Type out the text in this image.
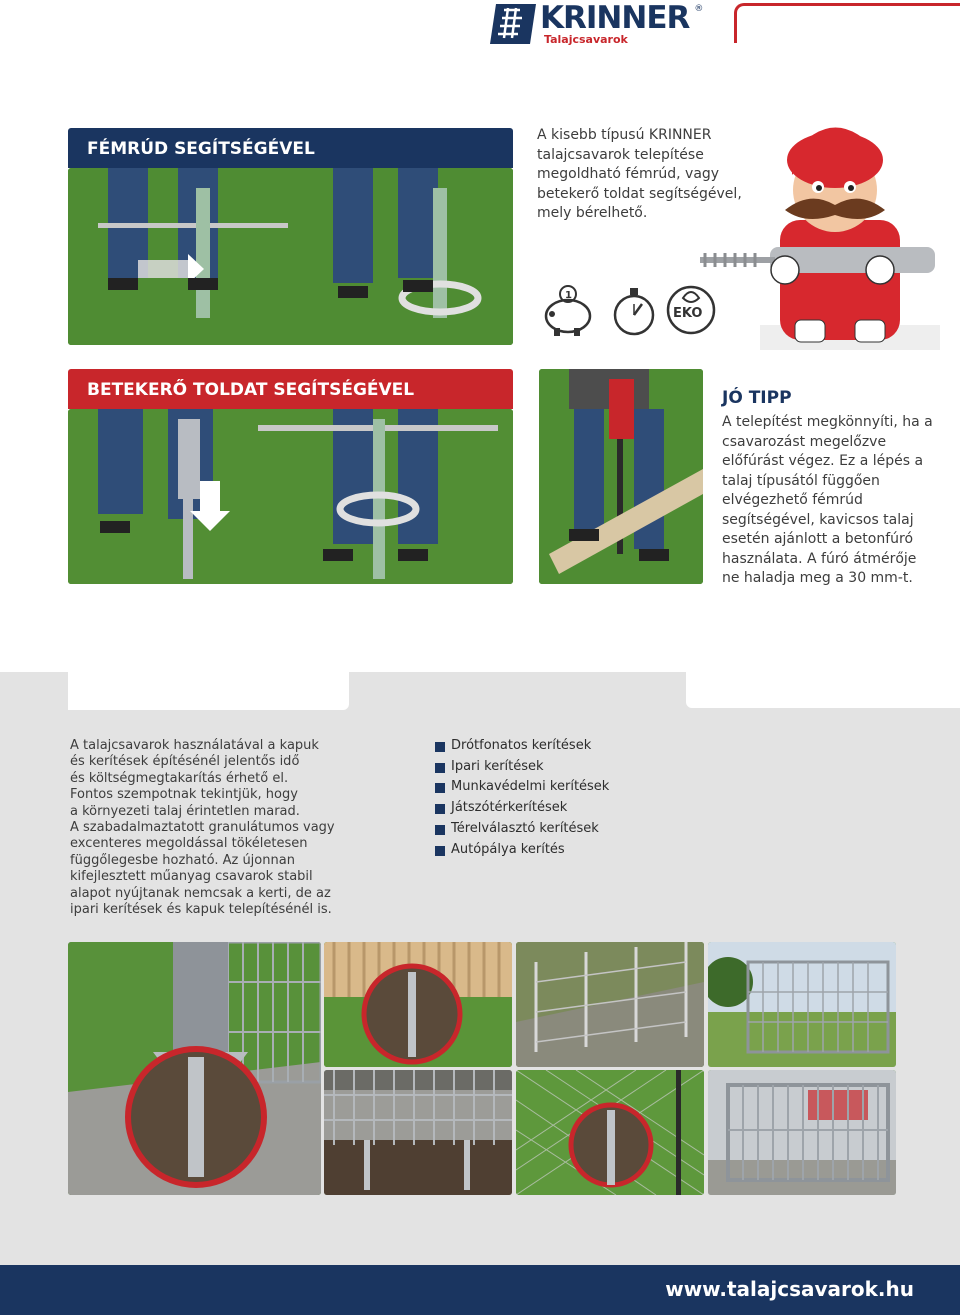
KRINNER ®
Talajcsavarok
FÉMRÚD SEGÍTSÉGÉVEL
A kisebb típusú KRINNER talajcsavarok telepítése megoldható fémrúd, vagy betekerő toldat segítségével, mely bérelhető.
1
EKO
BETEKERŐ TOLDAT SEGÍTSÉGÉVEL	JÓ TIPP
A telepítést megkönnyíti, ha a csavarozást megelőzve előfúrást végez. Ez a lépés a talaj típusától függően elvégezhető fémrúd segítségével, kavicsos talaj esetén ajánlott a betonfúró használata. A fúró átmérője ne haladja meg a 30 mm-t.
A talajcsavarok használatával a kapuk
és kerítések építésénél jelentős idő
és költségmegtakarítás érhető el.
Fontos szempotnak tekintjük, hogy
a környezeti talaj érintetlen marad.
A szabadalmaztatott granulátumos vagy
excenteres megoldással tökéletesen
függőlegesbe hozható. Az újonnan
kifejlesztett műanyag csavarok stabil
alapot nyújtanak nemcsak a kerti, de az
ipari kerítések és kapuk telepítésénél is.
Drótfonatos kerítések
Ipari kerítések
Munkavédelmi kerítések
Játszótérkerítések
Térelválasztó kerítések
Autópálya kerítés
www.talajcsavarok.hu
